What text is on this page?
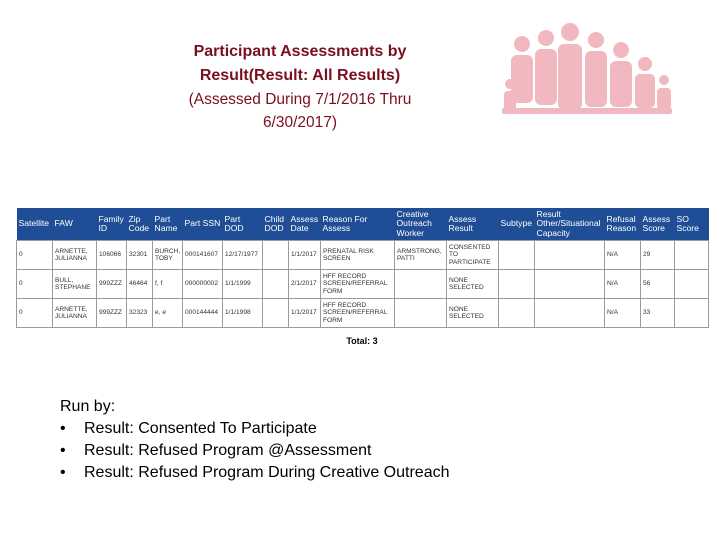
Participant Assessments by
Result(Result: All Results)
(Assessed During 7/1/2016 Thru
6/30/2017)
Satellite	FAW	Family ID	Zip Code	Part Name	Part SSN	Part DOD	Child DOD	Assess Date	Reason For Assess	Creative Outreach Worker	Assess Result	Subtype	Result Other/Situational Capacity	Refusal Reason	Assess Score	SO Score
0	ARNETTE, JULIANNA	106066	32301	BURCH, TOBY	000141607	12/17/1977		1/1/2017	PRENATAL RISK SCREEN	ARMSTRONG, PATTI	CONSENTED TO PARTICIPATE			N/A	29	
0	BULL, STEPHANE	999ZZZ	46464	f, f	000000002	1/1/1999		2/1/2017	HFF RECORD SCREEN/REFERRAL FORM		NONE SELECTED			N/A	56	
0	ARNETTE, JULIANNA	999ZZZ	32323	e, e	000144444	1/1/1998		1/1/2017	HFF RECORD SCREEN/REFERRAL FORM		NONE SELECTED			N/A	33	
Total: 3
Run by:
• Result: Consented To Participate
• Result: Refused Program @Assessment
• Result: Refused Program During Creative Outreach
